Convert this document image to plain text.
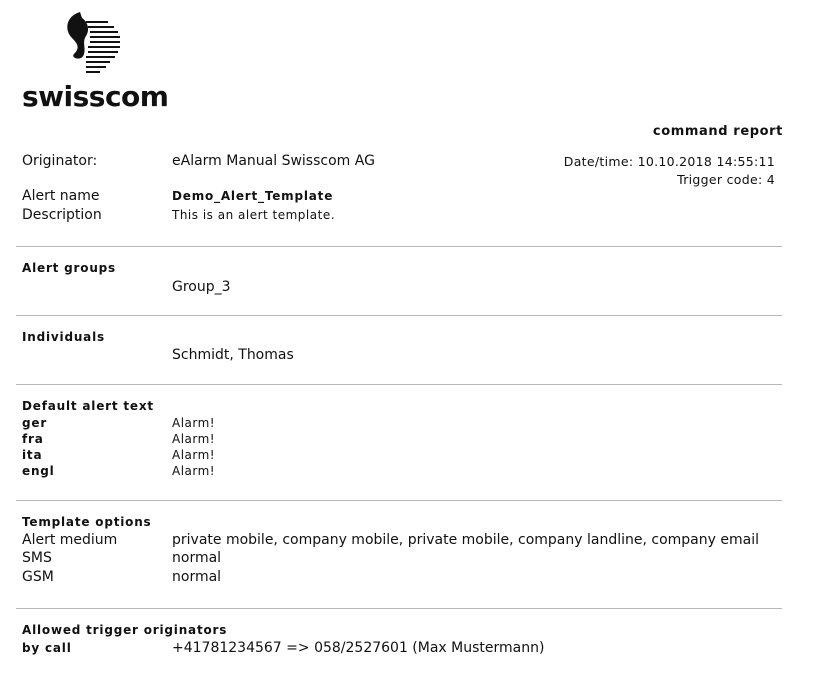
swisscom
command report
Originator:	eAlarm Manual Swisscom AG	Date/time: 10.10.2018 14:55:11
Trigger code: 4
Alert name	Demo_Alert_Template
Description	This is an alert template.
Alert groups
Group_3
Individuals
Schmidt, Thomas
Default alert text
ger	Alarm!
fra	Alarm!
ita	Alarm!
engl	Alarm!
Template options
Alert medium	private mobile, company mobile, private mobile, company landline, company email
SMS	normal
GSM	normal
Allowed trigger originators
by call	+41781234567 => 058/2527601 (Max Mustermann)
